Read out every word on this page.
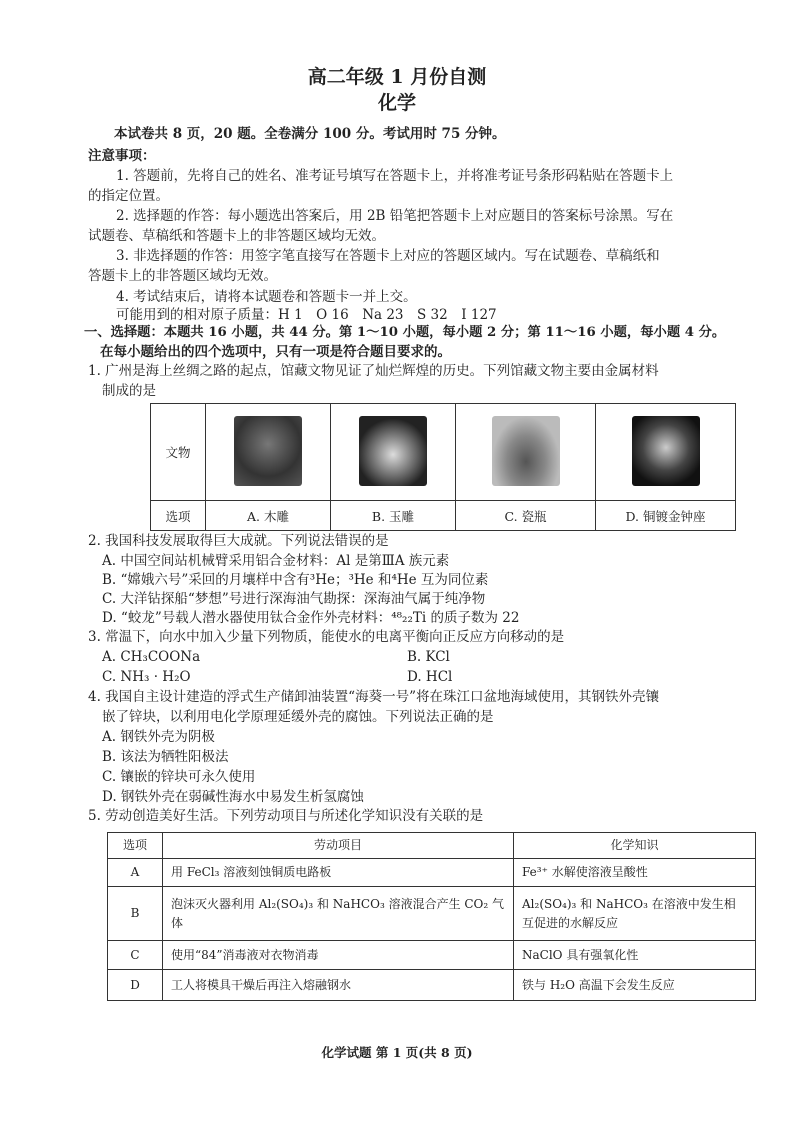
高二年级 1 月份自测
化学
本试卷共 8 页，20 题。全卷满分 100 分。考试用时 75 分钟。
注意事项：
1. 答题前，先将自己的姓名、准考证号填写在答题卡上，并将准考证号条形码粘贴在答题卡上
的指定位置。
2. 选择题的作答：每小题选出答案后，用 2B 铅笔把答题卡上对应题目的答案标号涂黑。写在
试题卷、草稿纸和答题卡上的非答题区域均无效。
3. 非选择题的作答：用签字笔直接写在答题卡上对应的答题区域内。写在试题卷、草稿纸和
答题卡上的非答题区域均无效。
4. 考试结束后，请将本试题卷和答题卡一并上交。
可能用到的相对原子质量：H 1　O 16　Na 23　S 32　I 127
一、选择题：本题共 16 小题，共 44 分。第 1～10 小题，每小题 2 分；第 11～16 小题，每小题 4 分。
在每小题给出的四个选项中，只有一项是符合题目要求的。
1. 广州是海上丝绸之路的起点，馆藏文物见证了灿烂辉煌的历史。下列馆藏文物主要由金属材料
制成的是
文物				
选项	A. 木雕	B. 玉雕	C. 瓷瓶	D. 铜镀金钟座
2. 我国科技发展取得巨大成就。下列说法错误的是
A. 中国空间站机械臂采用铝合金材料：Al 是第ⅢA 族元素
B. “嫦娥六号”采回的月壤样中含有³He；³He 和⁴He 互为同位素
C. 大洋钻探船“梦想”号进行深海油气勘探：深海油气属于纯净物
D. “蛟龙”号载人潜水器使用钛合金作外壳材料：⁴⁸₂₂Ti 的质子数为 22
3. 常温下，向水中加入少量下列物质，能使水的电离平衡向正反应方向移动的是
A. CH₃COONa	B. KCl
C. NH₃ · H₂O	D. HCl
4. 我国自主设计建造的浮式生产储卸油装置“海葵一号”将在珠江口盆地海域使用，其钢铁外壳镶
嵌了锌块，以利用电化学原理延缓外壳的腐蚀。下列说法正确的是
A. 钢铁外壳为阴极
B. 该法为牺牲阳极法
C. 镶嵌的锌块可永久使用
D. 钢铁外壳在弱碱性海水中易发生析氢腐蚀
5. 劳动创造美好生活。下列劳动项目与所述化学知识没有关联的是
选项	劳动项目	化学知识
A	用 FeCl₃ 溶液刻蚀铜质电路板	Fe³⁺ 水解使溶液呈酸性
B	泡沫灭火器利用 Al₂(SO₄)₃ 和 NaHCO₃ 溶液混合产生 CO₂ 气体	Al₂(SO₄)₃ 和 NaHCO₃ 在溶液中发生相互促进的水解反应
C	使用“84”消毒液对衣物消毒	NaClO 具有强氧化性
D	工人将模具干燥后再注入熔融钢水	铁与 H₂O 高温下会发生反应
化学试题 第 1 页(共 8 页)
